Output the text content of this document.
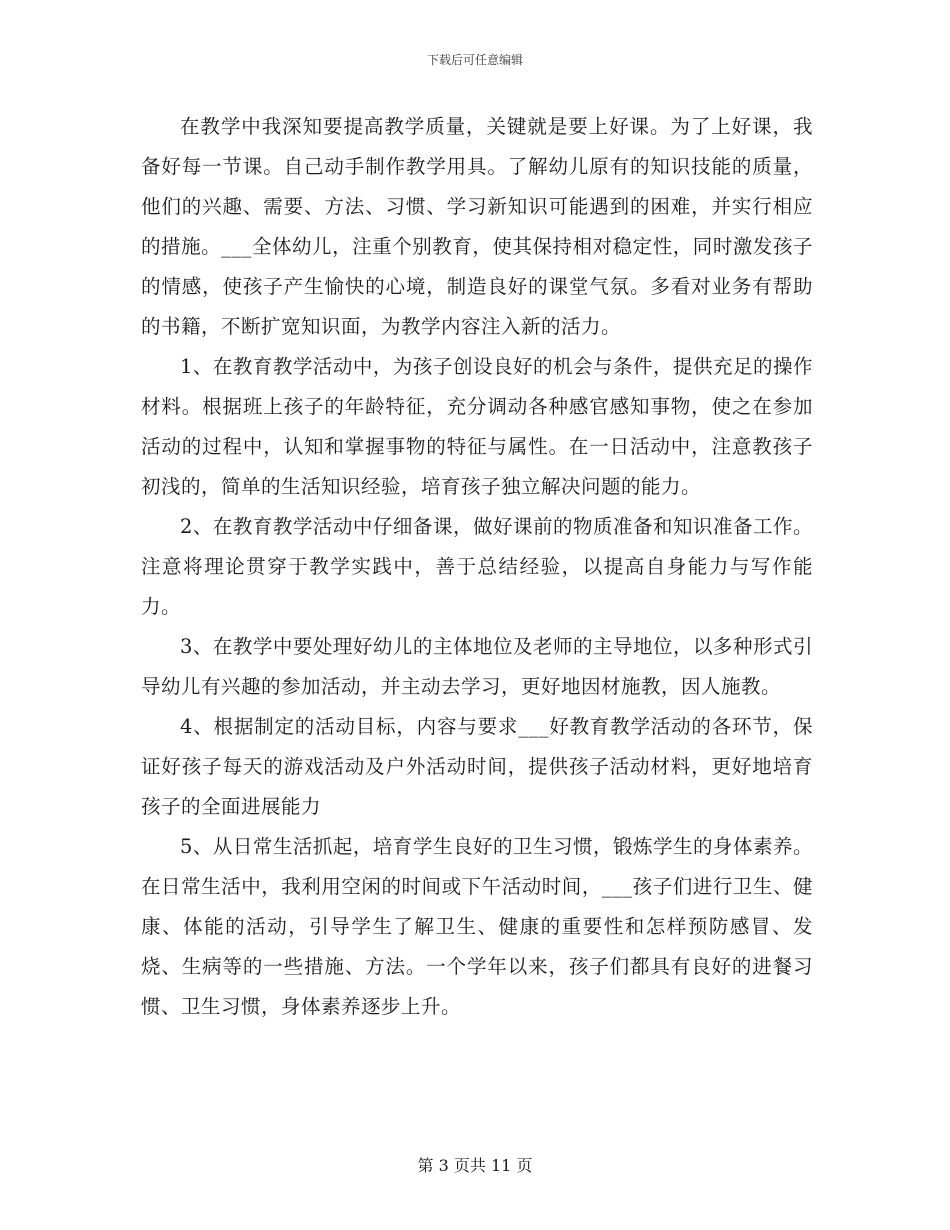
下载后可任意编辑

在教学中我深知要提高教学质量，关键就是要上好课。为了上好课，我备好每一节课。自己动手制作教学用具。了解幼儿原有的知识技能的质量，他们的兴趣、需要、方法、习惯、学习新知识可能遇到的困难，并实行相应的措施。___全体幼儿，注重个别教育，使其保持相对稳定性，同时激发孩子的情感，使孩子产生愉快的心境，制造良好的课堂气氛。多看对业务有帮助的书籍，不断扩宽知识面，为教学内容注入新的活力。

1、在教育教学活动中，为孩子创设良好的机会与条件，提供充足的操作材料。根据班上孩子的年龄特征，充分调动各种感官感知事物，使之在参加活动的过程中，认知和掌握事物的特征与属性。在一日活动中，注意教孩子初浅的，简单的生活知识经验，培育孩子独立解决问题的能力。

2、在教育教学活动中仔细备课，做好课前的物质准备和知识准备工作。注意将理论贯穿于教学实践中，善于总结经验，以提高自身能力与写作能力。

3、在教学中要处理好幼儿的主体地位及老师的主导地位，以多种形式引导幼儿有兴趣的参加活动，并主动去学习，更好地因材施教，因人施教。

4、根据制定的活动目标，内容与要求___好教育教学活动的各环节，保证好孩子每天的游戏活动及户外活动时间，提供孩子活动材料，更好地培育孩子的全面进展能力

5、从日常生活抓起，培育学生良好的卫生习惯，锻炼学生的身体素养。在日常生活中，我利用空闲的时间或下午活动时间，___孩子们进行卫生、健康、体能的活动，引导学生了解卫生、健康的重要性和怎样预防感冒、发烧、生病等的一些措施、方法。一个学年以来，孩子们都具有良好的进餐习惯、卫生习惯，身体素养逐步上升。

第 3 页共 11 页
